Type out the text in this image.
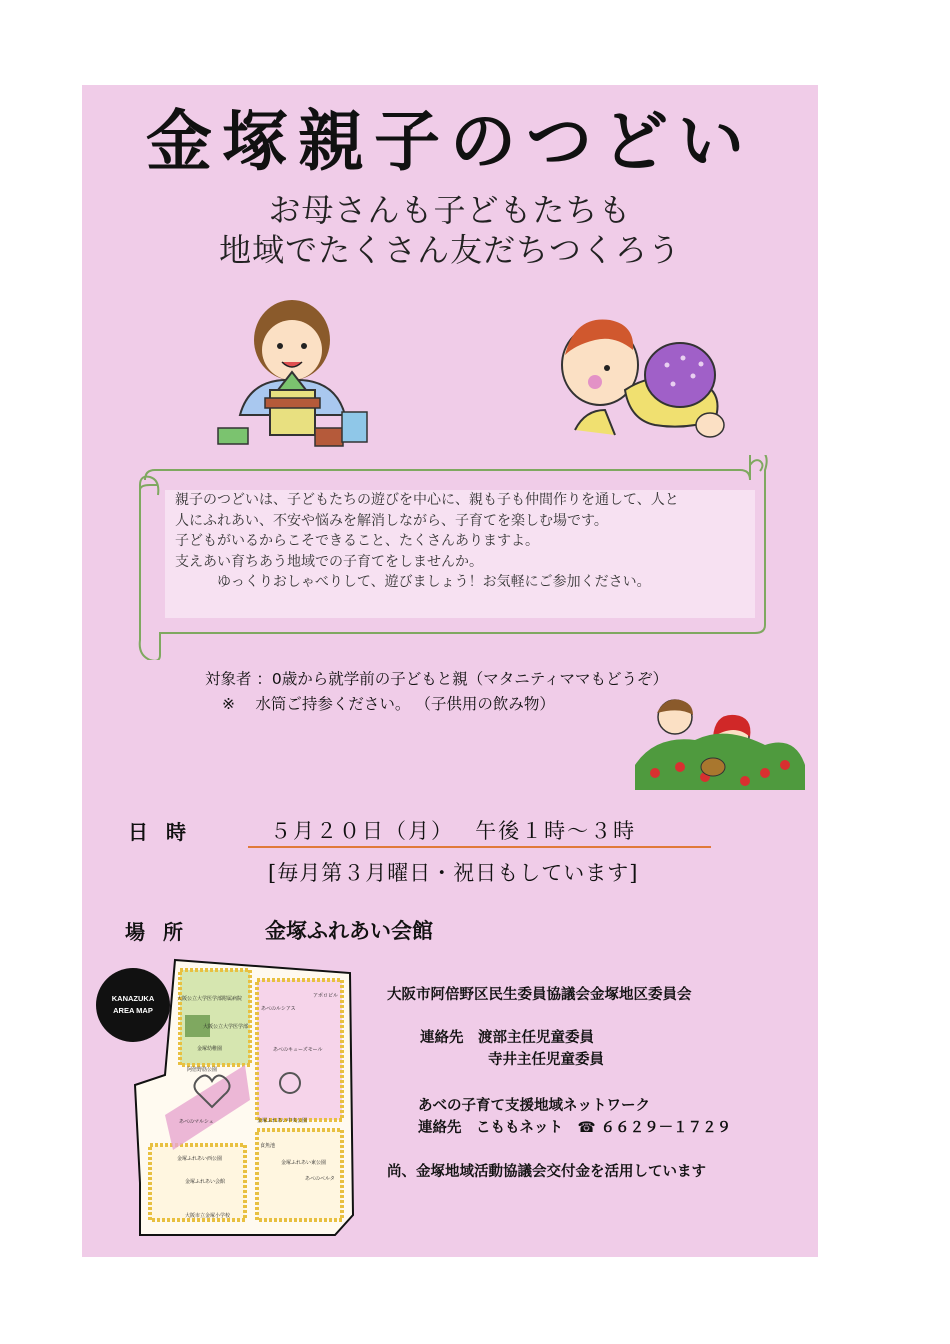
金塚親子のつどい
お母さんも子どもたちも
地域でたくさん友だちつくろう

親子のつどいは、子どもたちの遊びを中心に、親も子も仲間作りを通して、人と

人にふれあい、不安や悩みを解消しながら、子育てを楽しむ場です。

子どもがいるからこそできること、たくさんありますよ。

支えあい育ちあう地域での子育てをしませんか。

ゆっくりおしゃべりして、遊びましょう！お気軽にご参加ください。

対象者 ：0歳から就学前の子どもと親（マタニティママもどうぞ）
※　 水筒ご持参ください。 （子供用の飲み物）
日時	５月２０日（月）　 午後１時～３時
[毎月第３月曜日・祝日もしています]
場所	金塚ふれあい会館
KANAZUKA
AREA MAP
大阪公立大学医学部附属病院
大阪公立大学医学部
金塚幼稚園
阿倍野筋公園
あべのマルシェ
アポロビル
あべのルシアス
あべのキューズモール
金塚ふれあい中央公園
食魚池
金塚ふれあい西公園
金塚ふれあい会館
金塚ふれあい東公園
あべのベルタ
大阪市立金塚小学校
大阪市阿倍野区民生委員協議会金塚地区委員会
連絡先　渡部主任児童委員
寺井主任児童委員
あべの子育て支援地域ネットワーク
連絡先　こももネット　☎ ６６２９－１７２９
尚、金塚地域活動協議会交付金を活用しています
